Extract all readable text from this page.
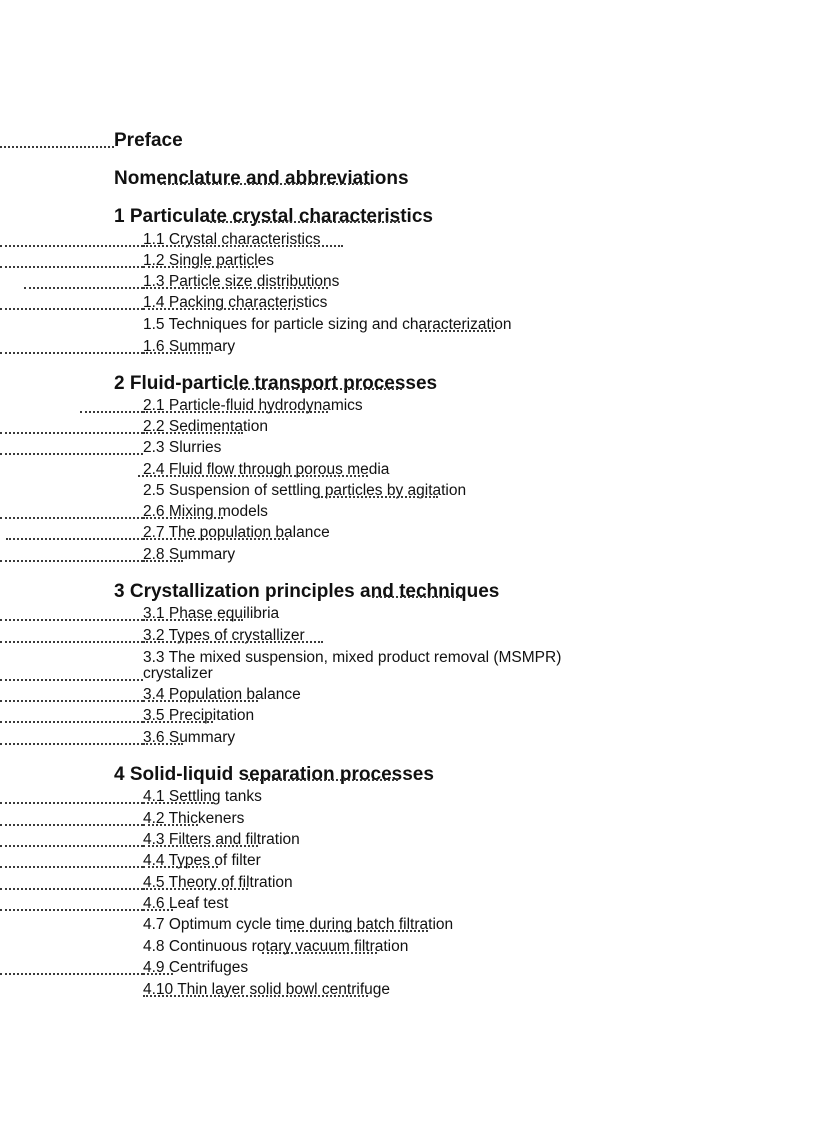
Preface
Nomenclature and abbreviations
1 Particulate crystal characteristics
1.1 Crystal characteristics
1.2 Single particles
1.3 Particle size distributions
1.4 Packing characteristics
1.5 Techniques for particle sizing and characterization
1.6 Summary
2 Fluid-particle transport processes
2.1 Particle-fluid hydrodynamics
2.2 Sedimentation
2.3 Slurries
2.4 Fluid flow through porous media
2.5 Suspension of settling particles by agitation
2.6 Mixing models
2.7 The population balance
2.8 Summary
3 Crystallization principles and techniques
3.1 Phase equilibria
3.2 Types of crystallizer
3.3 The mixed suspension, mixed product removal (MSMPR)
crystalizer
3.4 Population balance
3.5 Precipitation
3.6 Summary
4 Solid-liquid separation processes
4.1 Settling tanks
4.2 Thickeners
4.3 Filters and filtration
4.4 Types of filter
4.5 Theory of filtration
4.6 Leaf test
4.7 Optimum cycle time during batch filtration
4.8 Continuous rotary vacuum filtration
4.9 Centrifuges
4.10 Thin layer solid bowl centrifuge
